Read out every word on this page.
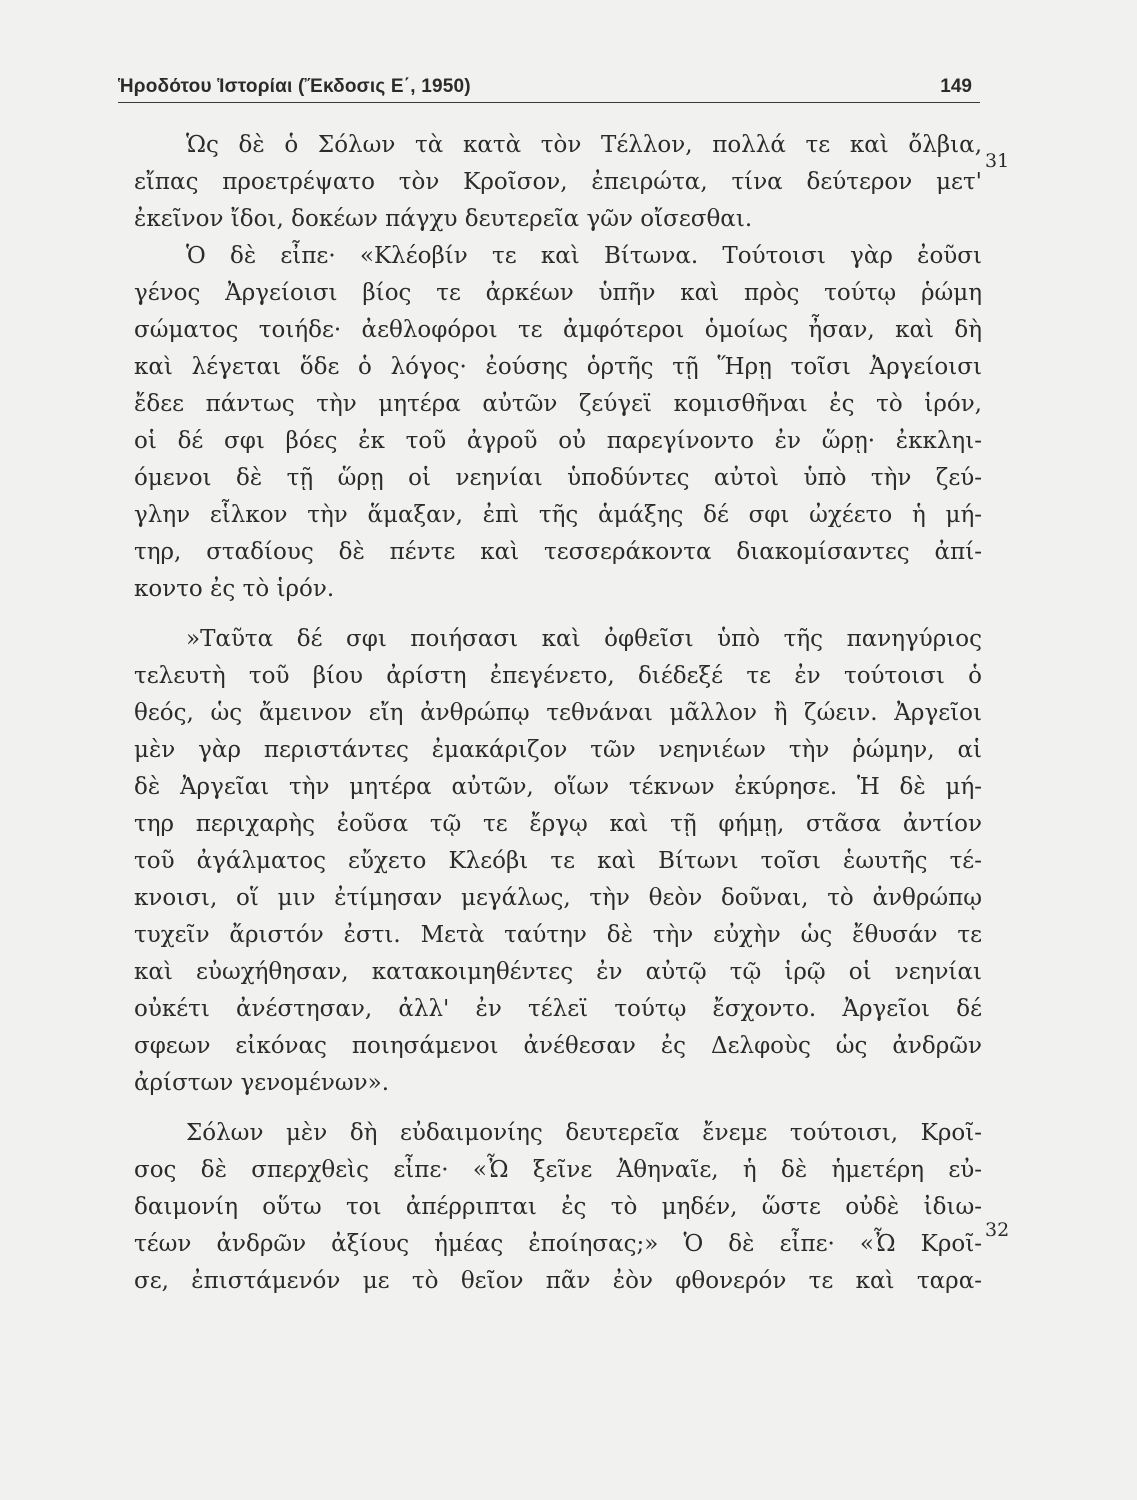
Ἡροδότου Ἱστορίαι (Ἔκδοσις Ε΄, 1950)	149
Ὡς δὲ ὁ Σόλων τὰ κατὰ τὸν Τέλλον, πολλά τε καὶ ὄλβια,
εἴπας προετρέψατο τὸν Κροῖσον, ἐπειρώτα, τίνα δεύτερον μετ'
ἐκεῖνον ἴδοι, δοκέων πάγχυ δευτερεῖα γῶν οἴσεσθαι.
Ὁ δὲ εἶπε· «Κλέοβίν τε καὶ Βίτωνα. Τούτοισι γὰρ ἐοῦσι
γένος Ἀργείοισι βίος τε ἀρκέων ὑπῆν καὶ πρὸς τούτῳ ῥώμη
σώματος τοιήδε· ἀεθλοφόροι τε ἀμφότεροι ὁμοίως ἦσαν, καὶ δὴ
καὶ λέγεται ὅδε ὁ λόγος· ἐούσης ὁρτῆς τῇ Ἥρῃ τοῖσι Ἀργείοισι
ἔδεε πάντως τὴν μητέρα αὐτῶν ζεύγεϊ κομισθῆναι ἐς τὸ ἱρόν,
οἱ δέ σφι βόες ἐκ τοῦ ἀγροῦ οὐ παρεγίνοντο ἐν ὥρῃ· ἐκκληι-
όμενοι δὲ τῇ ὥρῃ οἱ νεηνίαι ὑποδύντες αὐτοὶ ὑπὸ τὴν ζεύ-
γλην εἷλκον τὴν ἅμαξαν, ἐπὶ τῆς ἁμάξης δέ σφι ὠχέετο ἡ μή-
τηρ, σταδίους δὲ πέντε καὶ τεσσεράκοντα διακομίσαντες ἀπί-
κοντο ἐς τὸ ἱρόν.
»Ταῦτα δέ σφι ποιήσασι καὶ ὀφθεῖσι ὑπὸ τῆς πανηγύριος
τελευτὴ τοῦ βίου ἀρίστη ἐπεγένετο, διέδεξέ τε ἐν τούτοισι ὁ
θεός, ὡς ἄμεινον εἴη ἀνθρώπῳ τεθνάναι μᾶλλον ἢ ζώειν. Ἀργεῖοι
μὲν γὰρ περιστάντες ἐμακάριζον τῶν νεηνιέων τὴν ῥώμην, αἱ
δὲ Ἀργεῖαι τὴν μητέρα αὐτῶν, οἵων τέκνων ἐκύρησε. Ἡ δὲ μή-
τηρ περιχαρὴς ἐοῦσα τῷ τε ἔργῳ καὶ τῇ φήμῃ, στᾶσα ἀντίον
τοῦ ἀγάλματος εὔχετο Κλεόβι τε καὶ Βίτωνι τοῖσι ἑωυτῆς τέ-
κνοισι, οἵ μιν ἐτίμησαν μεγάλως, τὴν θεὸν δοῦναι, τὸ ἀνθρώπῳ
τυχεῖν ἄριστόν ἐστι. Μετὰ ταύτην δὲ τὴν εὐχὴν ὡς ἔθυσάν τε
καὶ εὐωχήθησαν, κατακοιμηθέντες ἐν αὐτῷ τῷ ἱρῷ οἱ νεηνίαι
οὐκέτι ἀνέστησαν, ἀλλ' ἐν τέλεϊ τούτῳ ἔσχοντο. Ἀργεῖοι δέ
σφεων εἰκόνας ποιησάμενοι ἀνέθεσαν ἐς Δελφοὺς ὡς ἀνδρῶν
ἀρίστων γενομένων».
Σόλων μὲν δὴ εὐδαιμονίης δευτερεῖα ἔνεμε τούτοισι, Κροῖ-
σος δὲ σπερχθεὶς εἶπε· «Ὦ ξεῖνε Ἀθηναῖε, ἡ δὲ ἡμετέρη εὐ-
δαιμονίη οὕτω τοι ἀπέρριπται ἐς τὸ μηδέν, ὥστε οὐδὲ ἰδιω-
τέων ἀνδρῶν ἀξίους ἡμέας ἐποίησας;» Ὁ δὲ εἶπε· «Ὦ Κροῖ-
σε, ἐπιστάμενόν με τὸ θεῖον πᾶν ἐὸν φθονερόν τε καὶ ταρα-
31
32
